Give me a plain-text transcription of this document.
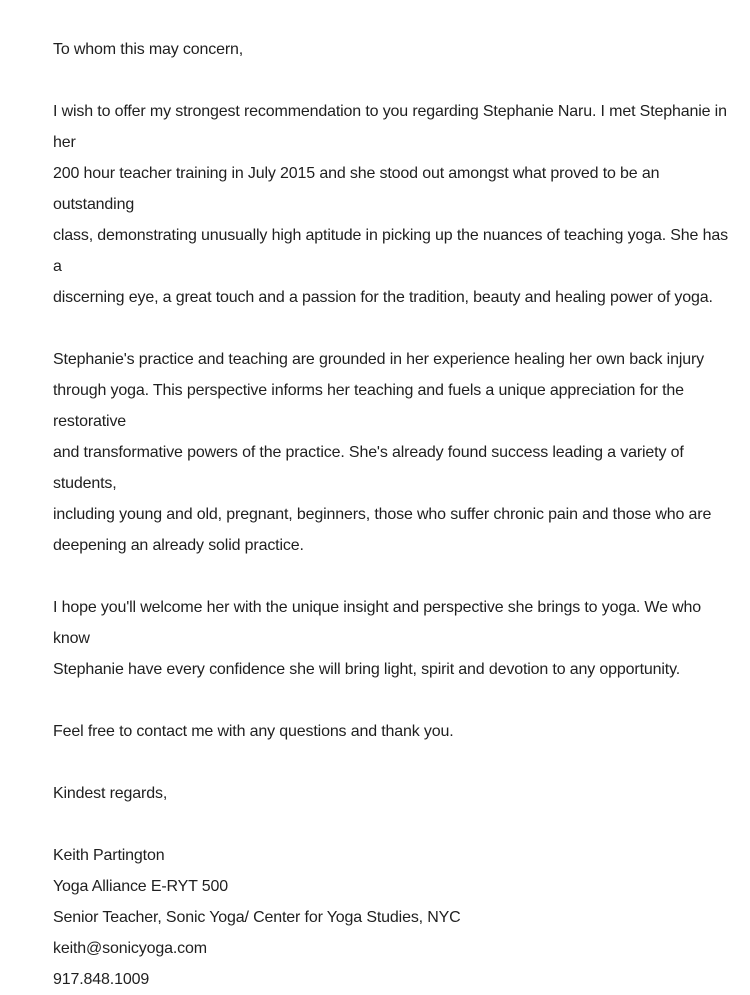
To whom this may concern,

I wish to offer my strongest recommendation to you regarding Stephanie Naru. I met Stephanie in her

200 hour teacher training in July 2015 and she stood out amongst what proved to be an outstanding

class, demonstrating unusually high aptitude in picking up the nuances of teaching yoga. She has a

discerning eye, a great touch and a passion for the tradition, beauty and healing power of yoga.

Stephanie's practice and teaching are grounded in her experience healing her own back injury

through yoga. This perspective informs her teaching and fuels a unique appreciation for the restorative

and transformative powers of the practice. She's already found success leading a variety of students,

including young and old, pregnant, beginners, those who suffer chronic pain and those who are

deepening an already solid practice.

I hope you'll welcome her with the unique insight and perspective she brings to yoga. We who know

Stephanie have every confidence she will bring light, spirit and devotion to any opportunity.

Feel free to contact me with any questions and thank you.

Kindest regards,

Keith Partington

Yoga Alliance E-RYT 500

Senior Teacher, Sonic Yoga/ Center for Yoga Studies, NYC

keith@sonicyoga.com

917.848.1009
